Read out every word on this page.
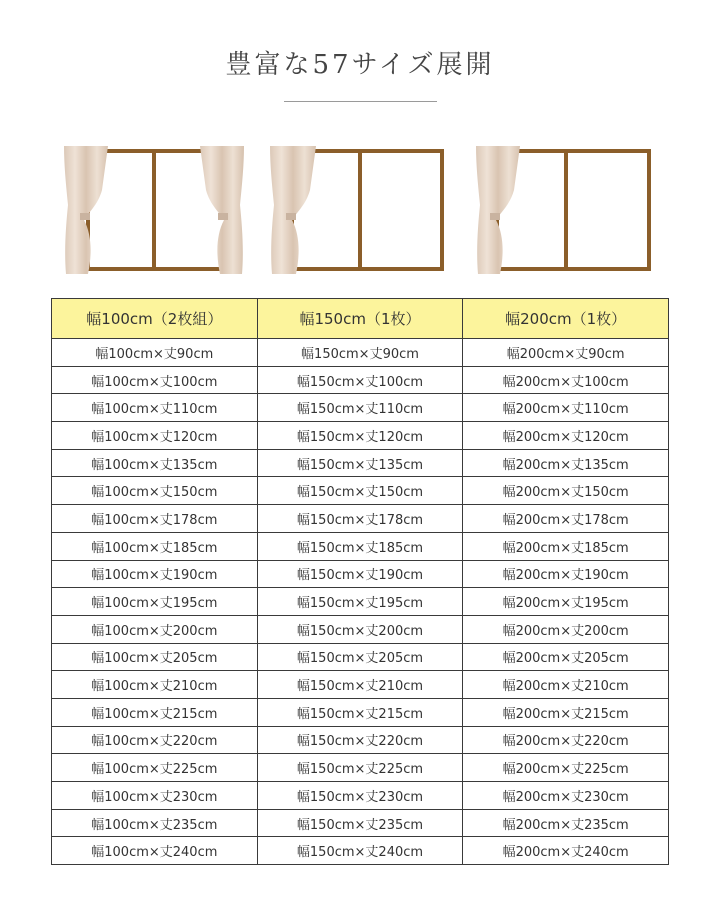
豊富な57サイズ展開
幅100cm（2枚組）	幅150cm（1枚）	幅200cm（1枚）
幅100cm×丈90cm	幅150cm×丈90cm	幅200cm×丈90cm
幅100cm×丈100cm	幅150cm×丈100cm	幅200cm×丈100cm
幅100cm×丈110cm	幅150cm×丈110cm	幅200cm×丈110cm
幅100cm×丈120cm	幅150cm×丈120cm	幅200cm×丈120cm
幅100cm×丈135cm	幅150cm×丈135cm	幅200cm×丈135cm
幅100cm×丈150cm	幅150cm×丈150cm	幅200cm×丈150cm
幅100cm×丈178cm	幅150cm×丈178cm	幅200cm×丈178cm
幅100cm×丈185cm	幅150cm×丈185cm	幅200cm×丈185cm
幅100cm×丈190cm	幅150cm×丈190cm	幅200cm×丈190cm
幅100cm×丈195cm	幅150cm×丈195cm	幅200cm×丈195cm
幅100cm×丈200cm	幅150cm×丈200cm	幅200cm×丈200cm
幅100cm×丈205cm	幅150cm×丈205cm	幅200cm×丈205cm
幅100cm×丈210cm	幅150cm×丈210cm	幅200cm×丈210cm
幅100cm×丈215cm	幅150cm×丈215cm	幅200cm×丈215cm
幅100cm×丈220cm	幅150cm×丈220cm	幅200cm×丈220cm
幅100cm×丈225cm	幅150cm×丈225cm	幅200cm×丈225cm
幅100cm×丈230cm	幅150cm×丈230cm	幅200cm×丈230cm
幅100cm×丈235cm	幅150cm×丈235cm	幅200cm×丈235cm
幅100cm×丈240cm	幅150cm×丈240cm	幅200cm×丈240cm
